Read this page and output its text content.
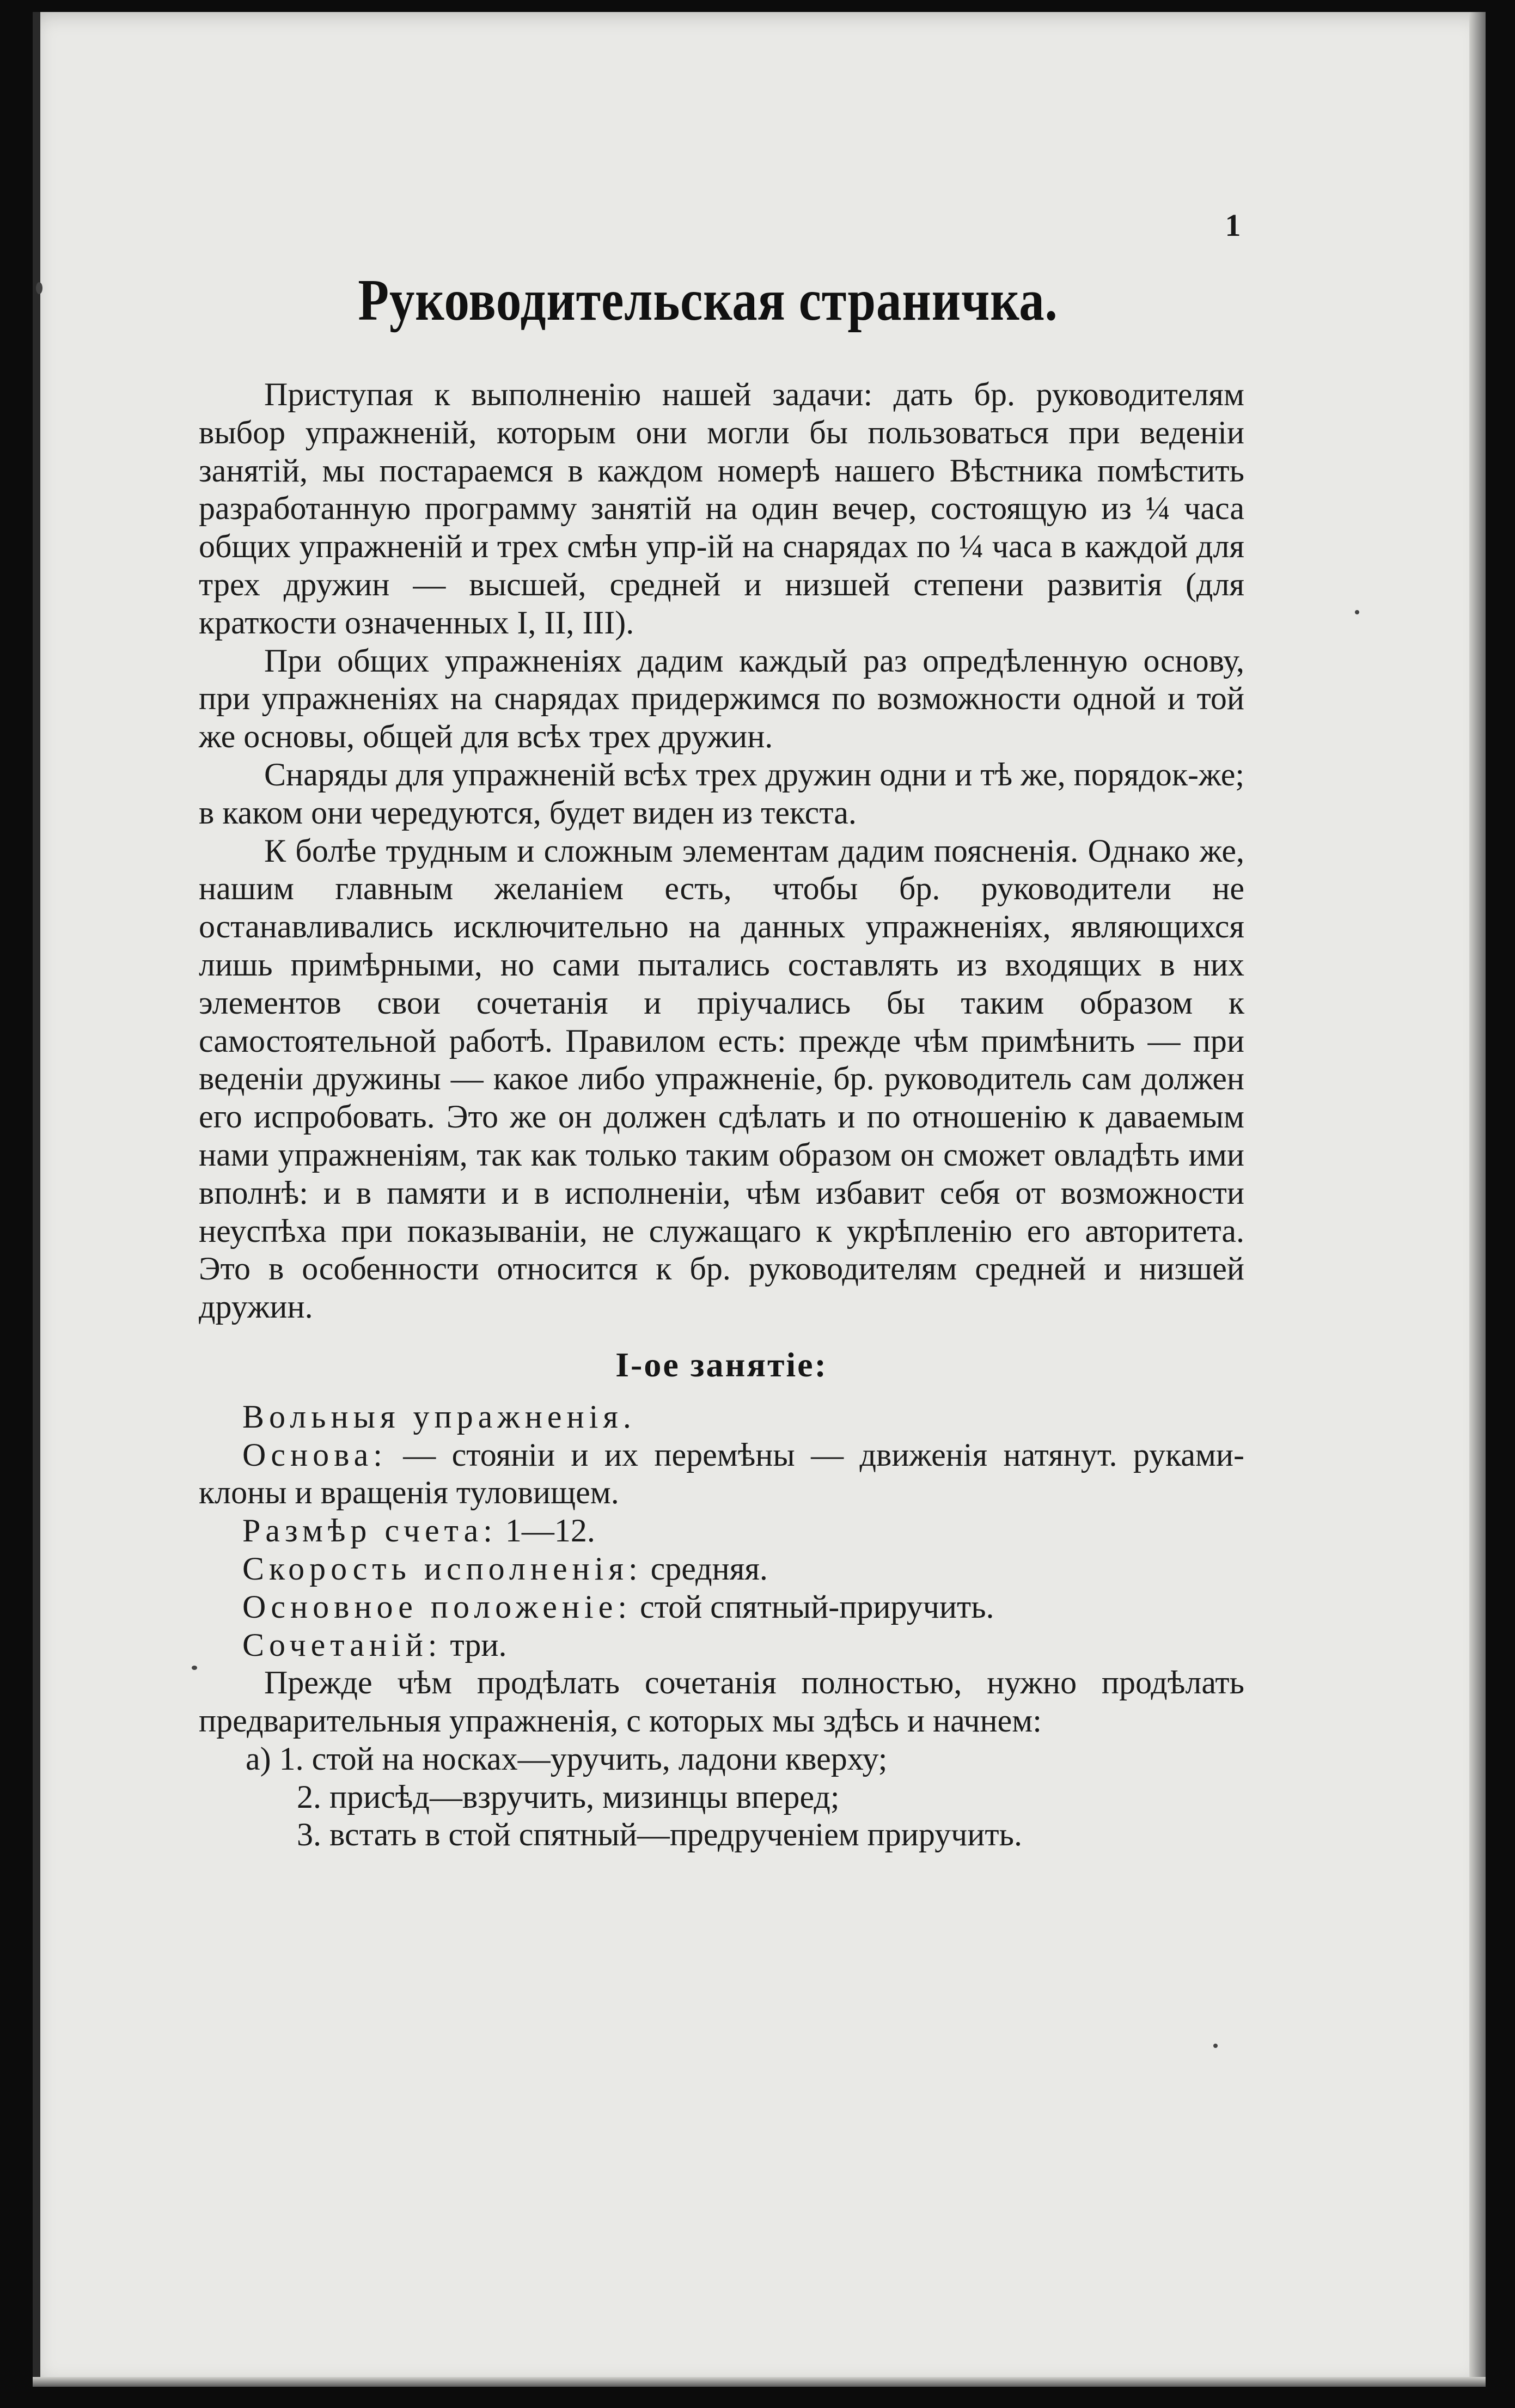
1
Руководительская страничка.

Приступая к выполненію нашей задачи: дать бр. руководителям выбор упражненій, которым они могли бы пользоваться при веденіи занятій, мы постараемся в каждом номерѣ нашего Вѣстника помѣстить разработанную программу занятій на один вечер, состоящую из ¼ часа общих упражненій и трех смѣн упр-ій на снарядах по ¼ часа в каждой для трех дружин — высшей, средней и низшей степени развитія (для краткости означенных I, II, III).

При общих упражненіях дадим каждый раз опредѣленную основу, при упражненіях на снарядах придержимся по возможности одной и той же основы, общей для всѣх трех дружин.

Снаряды для упражненій всѣх трех дружин одни и тѣ же, порядок-же; в каком они чередуются, будет виден из текста.

К болѣе трудным и сложным элементам дадим поясненія. Однако же, нашим главным желаніем есть, чтобы бр. руководители не останавливались исключительно на данных упражненіях, являющихся лишь примѣрными, но сами пытались составлять из входящих в них элементов свои сочетанія и пріучались бы таким образом к самостоятельной работѣ. Правилом есть: прежде чѣм примѣнить — при веденіи дружины — какое либо упражненіе, бр. руководитель сам должен его испробовать. Это же он должен сдѣлать и по отношенію к даваемым нами упражненіям, так как только таким образом он сможет овладѣть ими вполнѣ: и в памяти и в исполненіи, чѣм избавит себя от возможности неуспѣха при показываніи, не служащаго к укрѣпленію его авторитета. Это в особенности относится к бр. руководителям средней и низшей дружин.

І-ое занятіе:

Вольныя упражненія.

Основа: — стояніи и их перемѣны — движенія натянут. руками-клоны и вращенія туловищем.

Размѣр счета: 1—12.

Скорость исполненія: средняя.

Основное положеніе: стой спятный-приручить.

Сочетаній: три.

Прежде чѣм продѣлать сочетанія полностью, нужно продѣлать предварительныя упражненія, с которых мы здѣсь и начнем:

а) 1. стой на носках—уручить, ладони кверху;
2. присѣд—взручить, мизинцы вперед;
3. встать в стой спятный—предрученіем приручить.
